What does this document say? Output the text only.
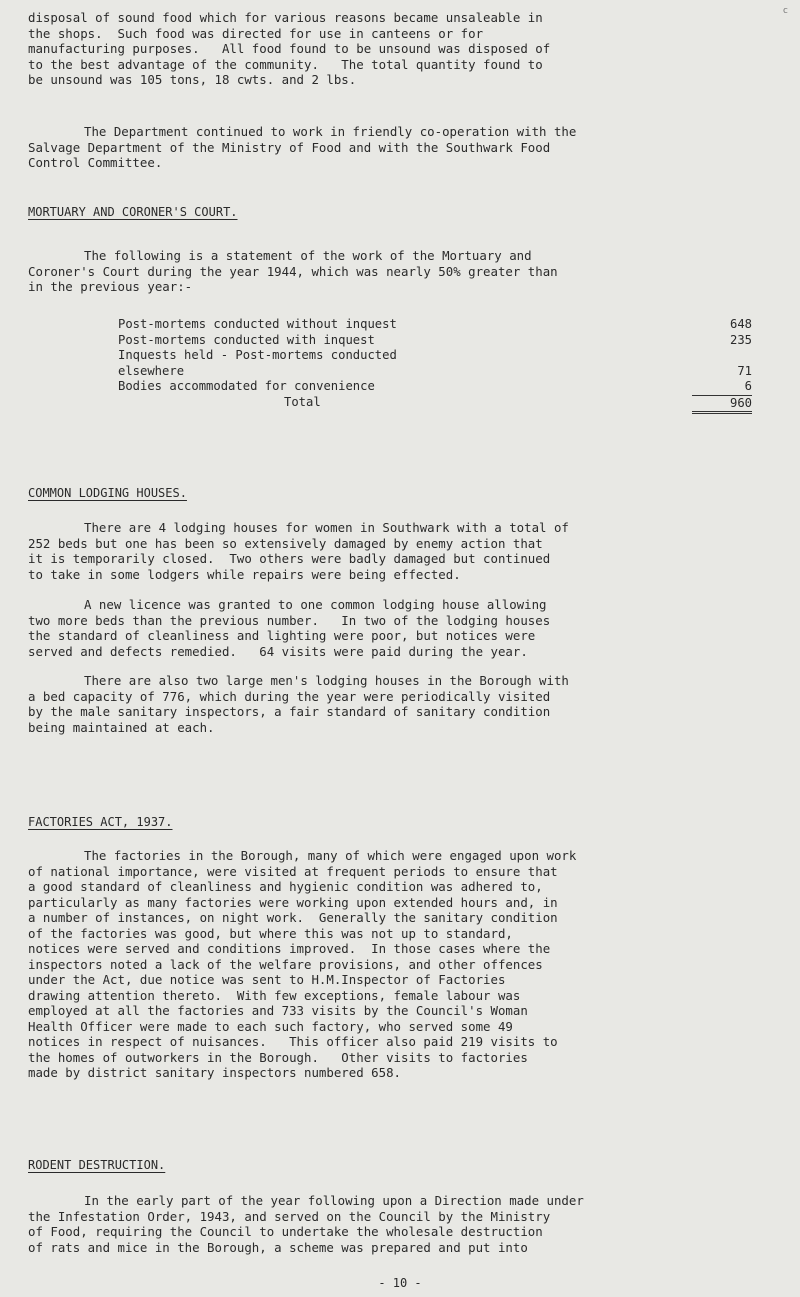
c

disposal of sound food which for various reasons became unsaleable in

the shops.  Such food was directed for use in canteens or for

manufacturing purposes.   All food found to be unsound was disposed of

to the best advantage of the community.   The total quantity found to

be unsound was 105 tons, 18 cwts. and 2 lbs.

The Department continued to work in friendly co-operation with the

Salvage Department of the Ministry of Food and with the Southwark Food

Control Committee.

MORTUARY AND CORONER'S COURT.

The following is a statement of the work of the Mortuary and

Coroner's Court during the year 1944, which was nearly 50% greater than

in the previous year:-

Post-mortems conducted without inquest	648
Post-mortems conducted with inquest	235
Inquests held - Post-mortems conducted	
elsewhere	71
Bodies accommodated for convenience	6
Total	960

COMMON LODGING HOUSES.

There are 4 lodging houses for women in Southwark with a total of

252 beds but one has been so extensively damaged by enemy action that

it is temporarily closed.  Two others were badly damaged but continued

to take in some lodgers while repairs were being effected.

A new licence was granted to one common lodging house allowing

two more beds than the previous number.   In two of the lodging houses

the standard of cleanliness and lighting were poor, but notices were

served and defects remedied.   64 visits were paid during the year.

There are also two large men's lodging houses in the Borough with

a bed capacity of 776, which during the year were periodically visited

by the male sanitary inspectors, a fair standard of sanitary condition

being maintained at each.

FACTORIES ACT, 1937.

The factories in the Borough, many of which were engaged upon work

of national importance, were visited at frequent periods to ensure that

a good standard of cleanliness and hygienic condition was adhered to,

particularly as many factories were working upon extended hours and, in

a number of instances, on night work.  Generally the sanitary condition

of the factories was good, but where this was not up to standard,

notices were served and conditions improved.  In those cases where the

inspectors noted a lack of the welfare provisions, and other offences

under the Act, due notice was sent to H.M.Inspector of Factories

drawing attention thereto.  With few exceptions, female labour was

employed at all the factories and 733 visits by the Council's Woman

Health Officer were made to each such factory, who served some 49

notices in respect of nuisances.   This officer also paid 219 visits to

the homes of outworkers in the Borough.   Other visits to factories

made by district sanitary inspectors numbered 658.

RODENT DESTRUCTION.

In the early part of the year following upon a Direction made under

the Infestation Order, 1943, and served on the Council by the Ministry

of Food, requiring the Council to undertake the wholesale destruction

of rats and mice in the Borough, a scheme was prepared and put into

- 10 -
